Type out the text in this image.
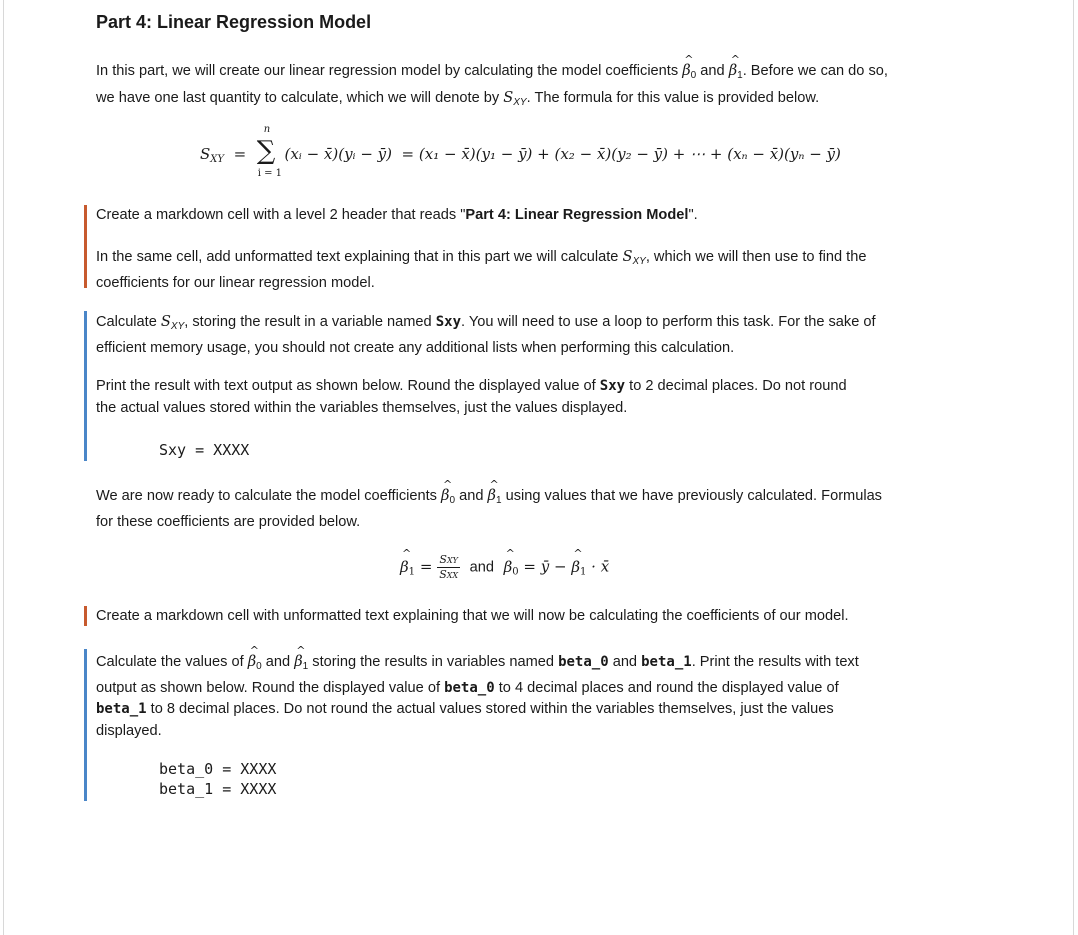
Part 4: Linear Regression Model
In this part, we will create our linear regression model by calculating the model coefficients ^ $\beta_0$ and ^ $\beta_1$. Before we can do so,
we have one last quantity to calculate, which we will denote by $S_{XY}$. The formula for this value is provided below.
$S_{XY}$ =
n
∑
i = 1
(xᵢ − x̄)(yᵢ − ȳ) = (x₁ − x̄)(y₁ − ȳ) + (x₂ − x̄)(y₂ − ȳ) + ⋯ + (xₙ − x̄)(yₙ − ȳ)
Create a markdown cell with a level 2 header that reads "Part 4: Linear Regression Model".
In the same cell, add unformatted text explaining that in this part we will calculate $S_{XY}$, which we will then use to find the
coefficients for our linear regression model.
Calculate $S_{XY}$, storing the result in a variable named Sxy. You will need to use a loop to perform this task. For the sake of
efficient memory usage, you should not create any additional lists when performing this calculation.
Print the result with text output as shown below. Round the displayed value of Sxy to 2 decimal places. Do not round
the actual values stored within the variables themselves, just the values displayed.
Sxy = XXXX
We are now ready to calculate the model coefficients ^ $\beta_0$ and ^ $\beta_1$ using values that we have previously calculated. Formulas
for these coefficients are provided below.
^ $\beta_1 = \frac{\text{SXY}}{\text{SXX}}$ and ^ $\beta_0$ = ȳ − ^ $\beta_1$ · x̄
Create a markdown cell with unformatted text explaining that we will now be calculating the coefficients of our model.
Calculate the values of ^ $\beta_0$ and ^ $\beta_1$ storing the results in variables named beta_0 and beta_1. Print the results with text
output as shown below. Round the displayed value of beta_0 to 4 decimal places and round the displayed value of
beta_1 to 8 decimal places. Do not round the actual values stored within the variables themselves, just the values
displayed.
beta_0 = XXXX
beta_1 = XXXX
